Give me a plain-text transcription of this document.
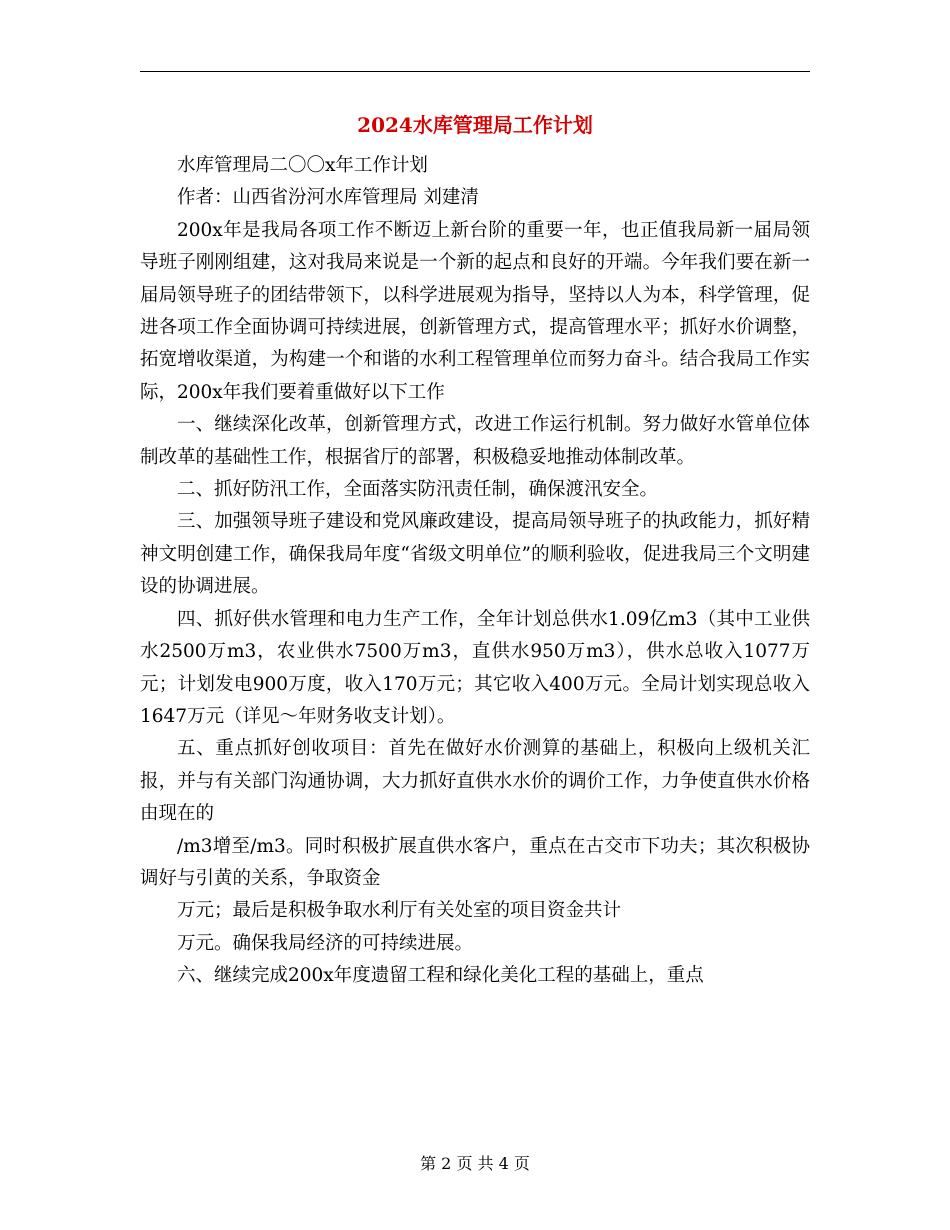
2024水库管理局工作计划

水库管理局二〇〇x年工作计划

作者：山西省汾河水库管理局 刘建清

200x年是我局各项工作不断迈上新台阶的重要一年，也正值我局新一届局领导班子刚刚组建，这对我局来说是一个新的起点和良好的开端。今年我们要在新一届局领导班子的团结带领下，以科学进展观为指导，坚持以人为本，科学管理，促进各项工作全面协调可持续进展，创新管理方式，提高管理水平；抓好水价调整，拓宽增收渠道，为构建一个和谐的水利工程管理单位而努力奋斗。结合我局工作实际，200x年我们要着重做好以下工作

一、继续深化改革，创新管理方式，改进工作运行机制。努力做好水管单位体制改革的基础性工作，根据省厅的部署，积极稳妥地推动体制改革。

二、抓好防汛工作，全面落实防汛责任制，确保渡汛安全。

三、加强领导班子建设和党风廉政建设，提高局领导班子的执政能力，抓好精神文明创建工作，确保我局年度“省级文明单位”的顺利验收，促进我局三个文明建设的协调进展。

四、抓好供水管理和电力生产工作，全年计划总供水1.09亿m3（其中工业供水2500万m3，农业供水7500万m3，直供水950万m3），供水总收入1077万元；计划发电900万度，收入170万元；其它收入400万元。全局计划实现总收入1647万元（详见～年财务收支计划）。

五、重点抓好创收项目：首先在做好水价测算的基础上，积极向上级机关汇报，并与有关部门沟通协调，大力抓好直供水水价的调价工作，力争使直供水价格由现在的

/m3增至/m3。同时积极扩展直供水客户，重点在古交市下功夫；其次积极协调好与引黄的关系，争取资金

万元；最后是积极争取水利厅有关处室的项目资金共计

万元。确保我局经济的可持续进展。

六、继续完成200x年度遗留工程和绿化美化工程的基础上，重点

第 2 页 共 4 页
